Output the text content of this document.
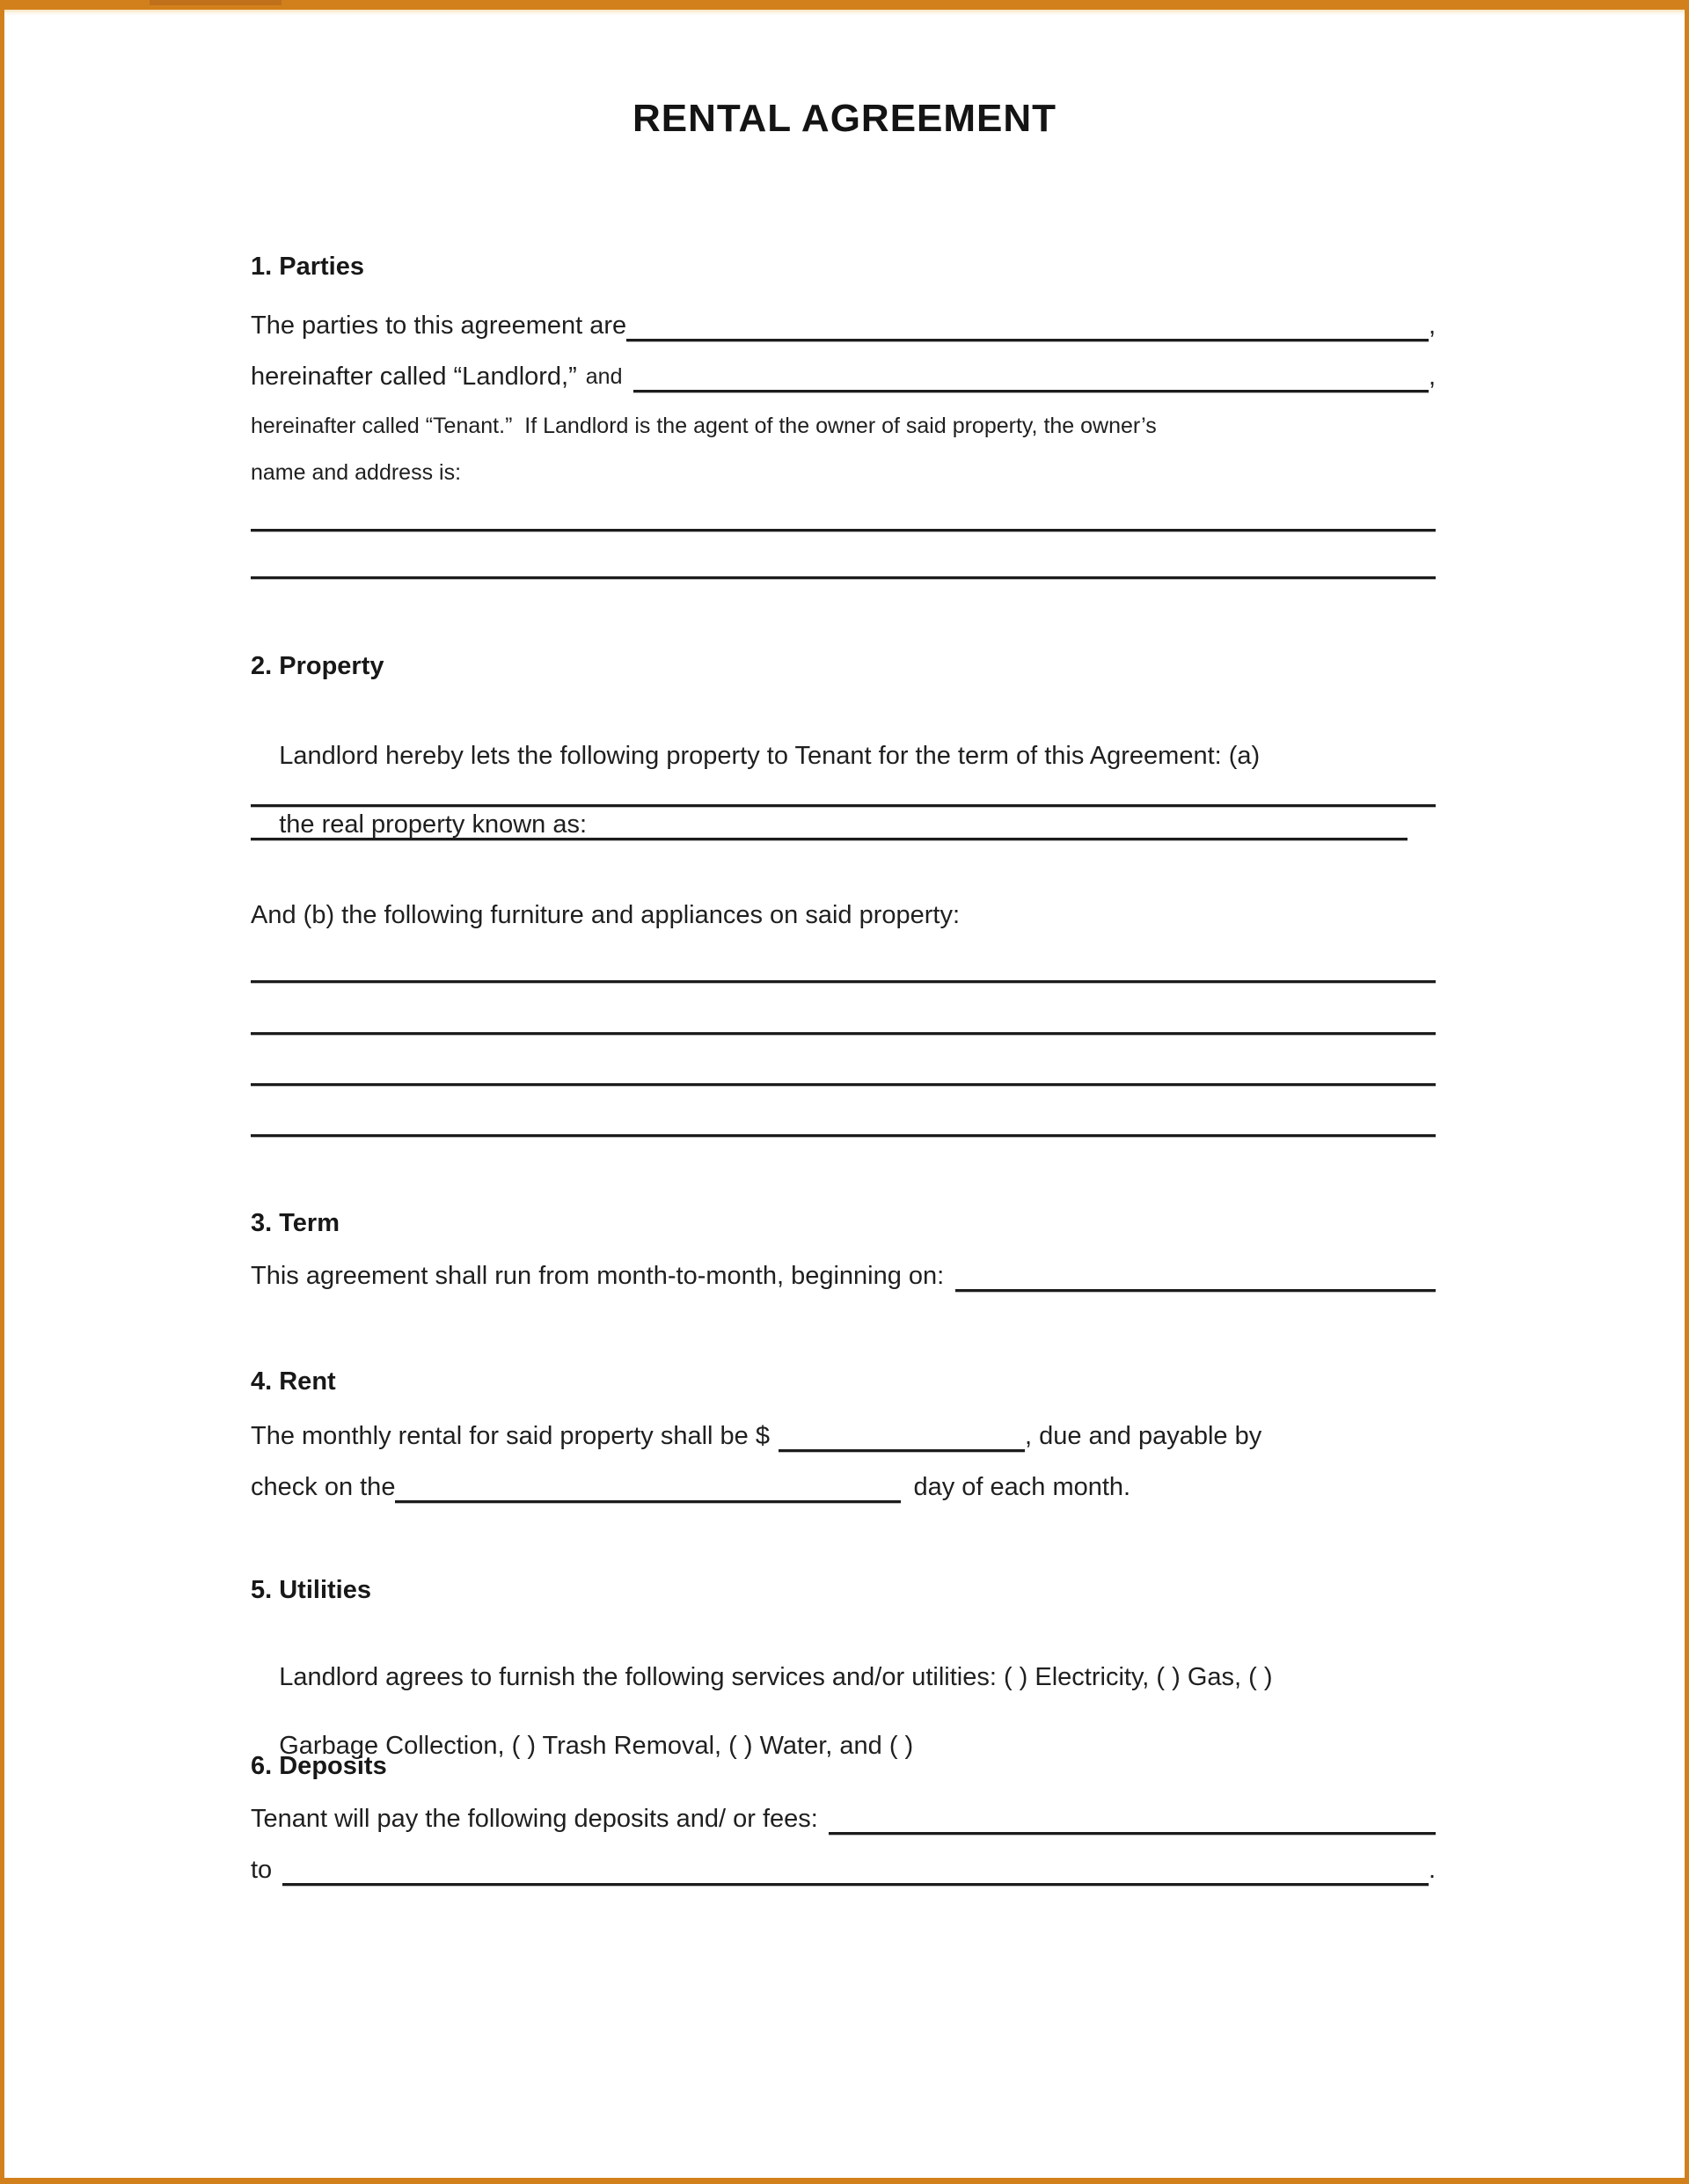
RENTAL AGREEMENT
1. Parties
The parties to this agreement are	,
hereinafter called “Landlord,” and	,
hereinafter called “Tenant.”  If Landlord is the agent of the owner of said property, the owner’s
name and address is:
2. Property

Landlord hereby lets the following property to Tenant for the term of this Agreement: (a)

the real property known as:

And (b) the following furniture and appliances on said property:
3. Term
This agreement shall run from month-to-month, beginning on:
4. Rent
The monthly rental for said property shall be $	, due and payable by
check on the	day of each month.
5. Utilities

Landlord agrees to furnish the following services and/or utilities: ( ) Electricity, ( ) Gas, ( )

Garbage Collection, ( ) Trash Removal, ( ) Water, and ( )

6. Deposits
Tenant will pay the following deposits and/ or fees:
to	.
